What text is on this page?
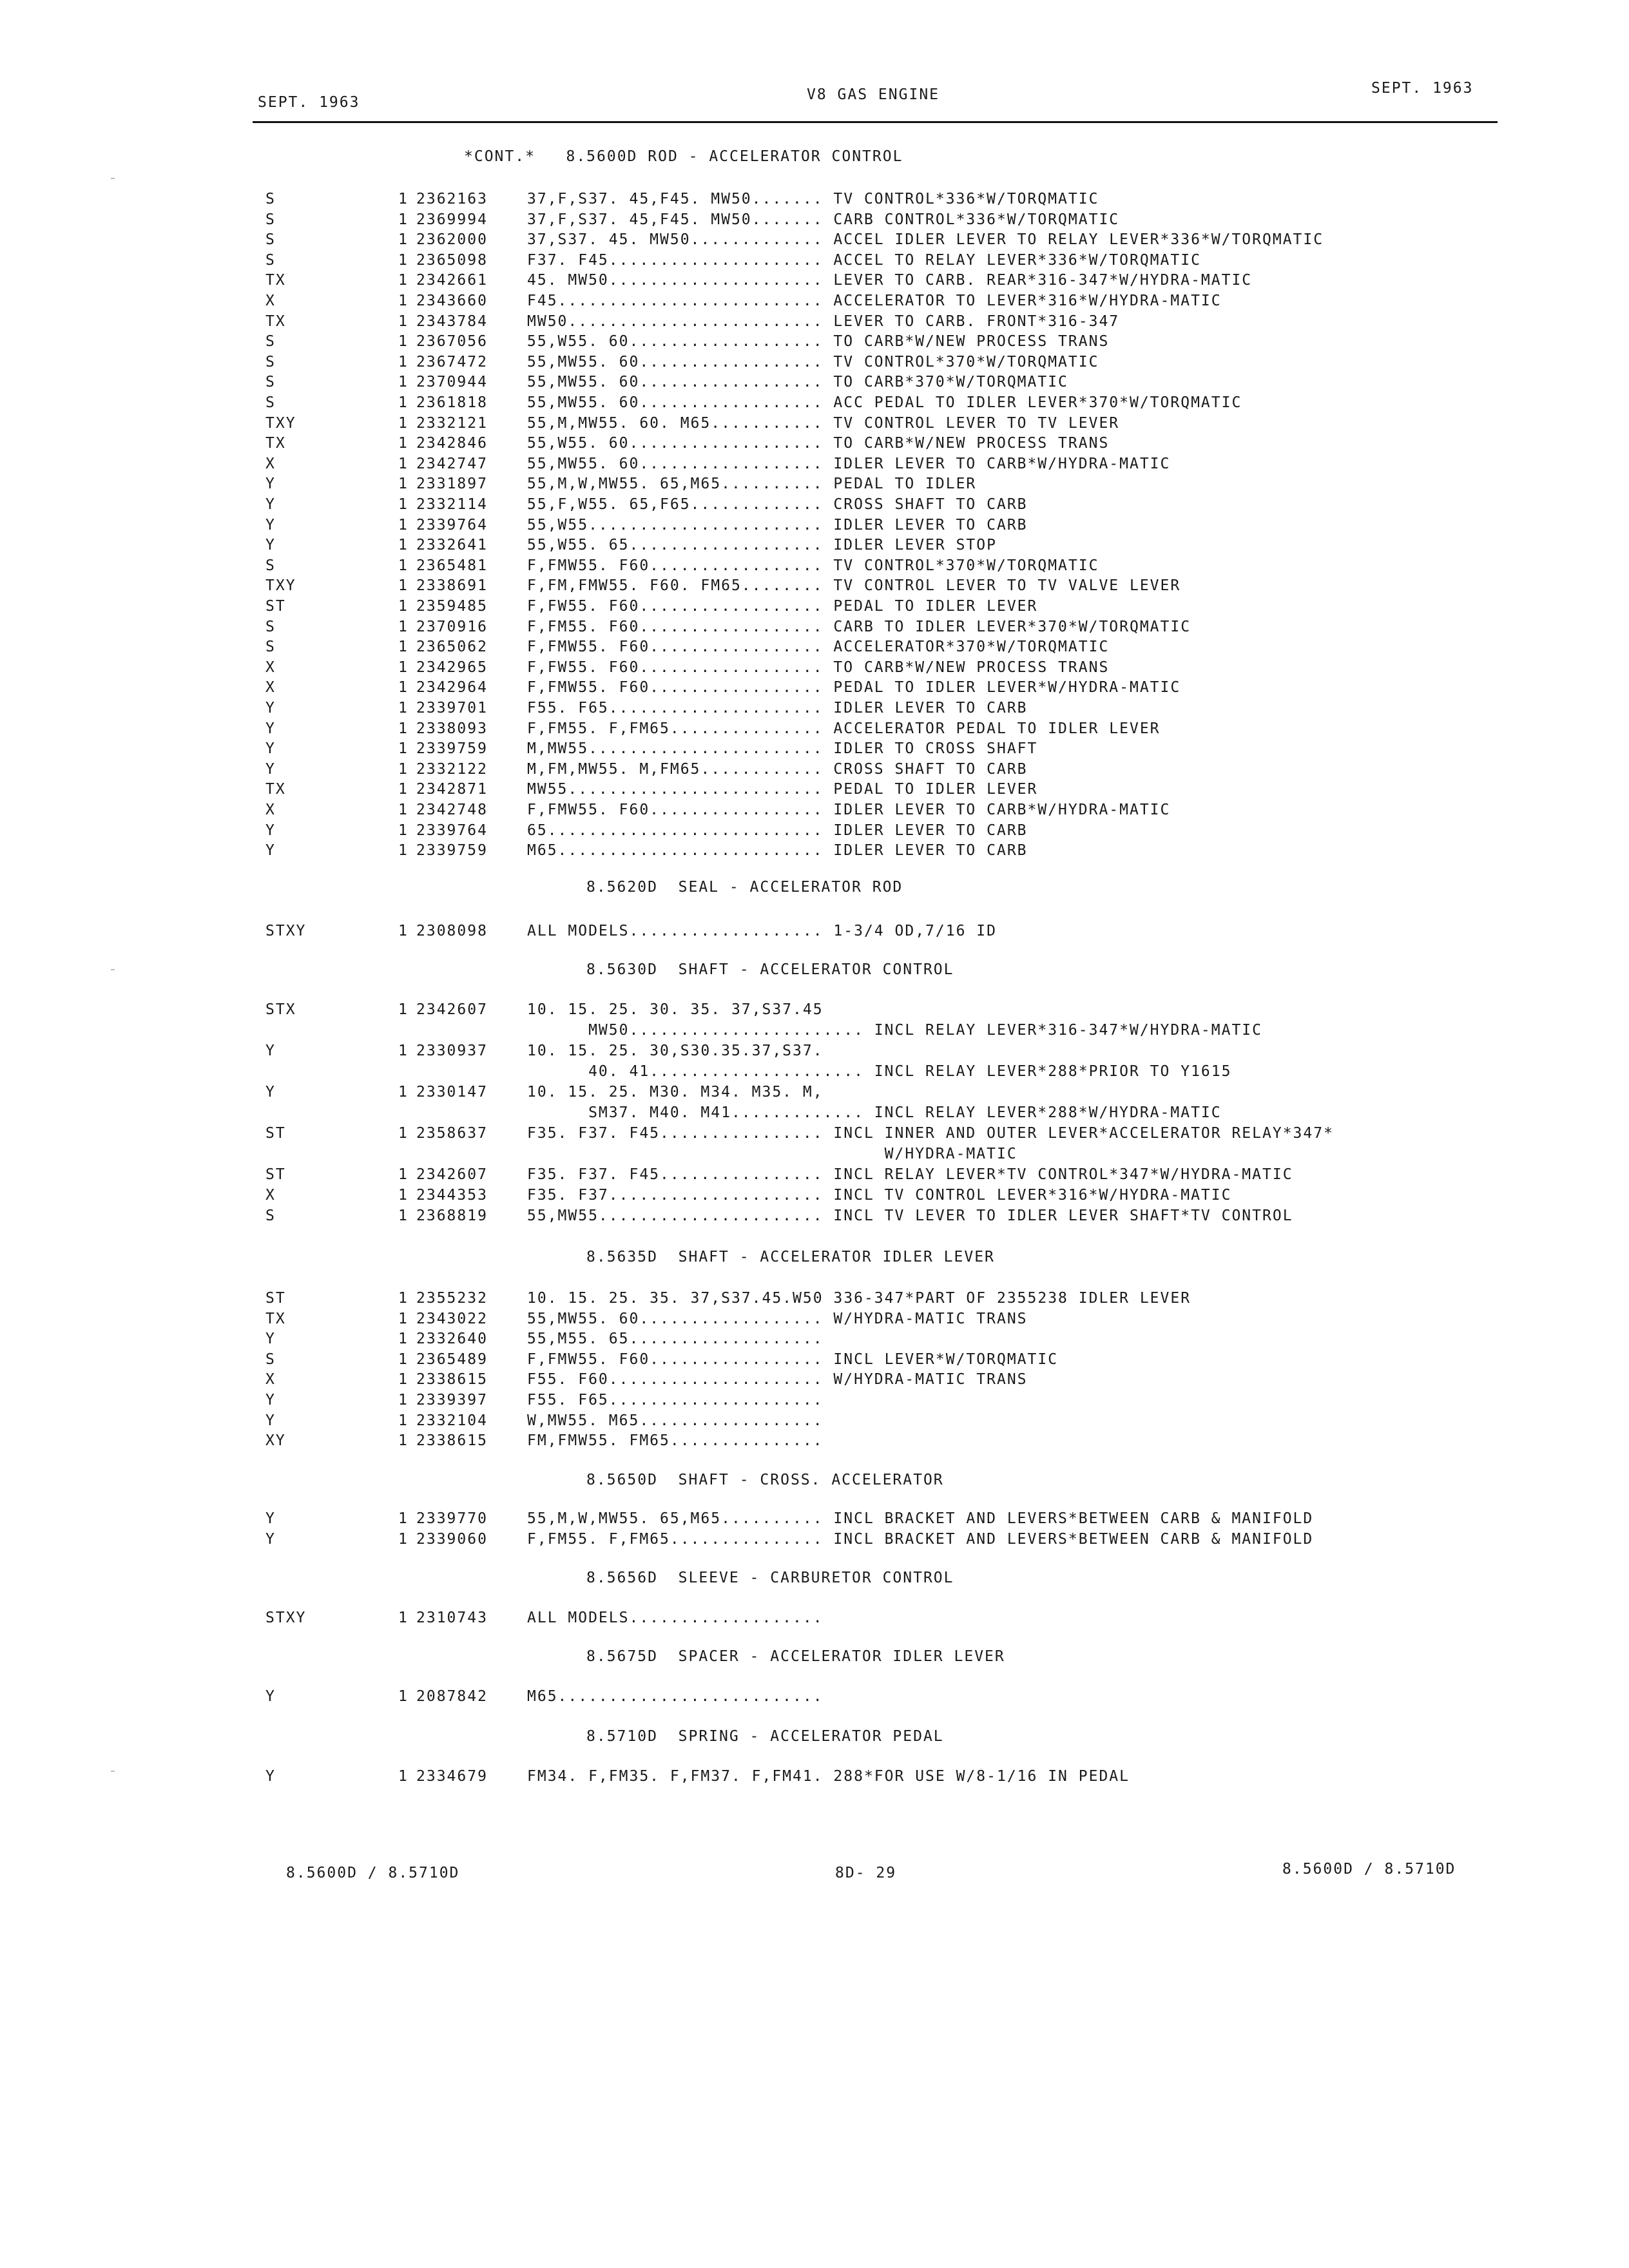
SEPT. 1963	V8 GAS ENGINE	SEPT. 1963
*CONT.*   8.5600D ROD - ACCELERATOR CONTROL
S	1 2362163	37,F,S37. 45,F45. MW50....... TV CONTROL*336*W/TORQMATIC
S	1 2369994	37,F,S37. 45,F45. MW50....... CARB CONTROL*336*W/TORQMATIC
S	1 2362000	37,S37. 45. MW50............. ACCEL IDLER LEVER TO RELAY LEVER*336*W/TORQMATIC
S	1 2365098	F37. F45..................... ACCEL TO RELAY LEVER*336*W/TORQMATIC
TX	1 2342661	45. MW50..................... LEVER TO CARB. REAR*316-347*W/HYDRA-MATIC
X	1 2343660	F45.......................... ACCELERATOR TO LEVER*316*W/HYDRA-MATIC
TX	1 2343784	MW50......................... LEVER TO CARB. FRONT*316-347
S	1 2367056	55,W55. 60................... TO CARB*W/NEW PROCESS TRANS
S	1 2367472	55,MW55. 60.................. TV CONTROL*370*W/TORQMATIC
S	1 2370944	55,MW55. 60.................. TO CARB*370*W/TORQMATIC
S	1 2361818	55,MW55. 60.................. ACC PEDAL TO IDLER LEVER*370*W/TORQMATIC
TXY	1 2332121	55,M,MW55. 60. M65........... TV CONTROL LEVER TO TV LEVER
TX	1 2342846	55,W55. 60................... TO CARB*W/NEW PROCESS TRANS
X	1 2342747	55,MW55. 60.................. IDLER LEVER TO CARB*W/HYDRA-MATIC
Y	1 2331897	55,M,W,MW55. 65,M65.......... PEDAL TO IDLER
Y	1 2332114	55,F,W55. 65,F65............. CROSS SHAFT TO CARB
Y	1 2339764	55,W55....................... IDLER LEVER TO CARB
Y	1 2332641	55,W55. 65................... IDLER LEVER STOP
S	1 2365481	F,FMW55. F60................. TV CONTROL*370*W/TORQMATIC
TXY	1 2338691	F,FM,FMW55. F60. FM65........ TV CONTROL LEVER TO TV VALVE LEVER
ST	1 2359485	F,FW55. F60.................. PEDAL TO IDLER LEVER
S	1 2370916	F,FM55. F60.................. CARB TO IDLER LEVER*370*W/TORQMATIC
S	1 2365062	F,FMW55. F60................. ACCELERATOR*370*W/TORQMATIC
X	1 2342965	F,FW55. F60.................. TO CARB*W/NEW PROCESS TRANS
X	1 2342964	F,FMW55. F60................. PEDAL TO IDLER LEVER*W/HYDRA-MATIC
Y	1 2339701	F55. F65..................... IDLER LEVER TO CARB
Y	1 2338093	F,FM55. F,FM65............... ACCELERATOR PEDAL TO IDLER LEVER
Y	1 2339759	M,MW55....................... IDLER TO CROSS SHAFT
Y	1 2332122	M,FM,MW55. M,FM65............ CROSS SHAFT TO CARB
TX	1 2342871	MW55......................... PEDAL TO IDLER LEVER
X	1 2342748	F,FMW55. F60................. IDLER LEVER TO CARB*W/HYDRA-MATIC
Y	1 2339764	65........................... IDLER LEVER TO CARB
Y	1 2339759	M65.......................... IDLER LEVER TO CARB
8.5620D  SEAL - ACCELERATOR ROD
STXY	1 2308098	ALL MODELS................... 1-3/4 OD,7/16 ID
8.5630D  SHAFT - ACCELERATOR CONTROL
STX	1 2342607	10. 15. 25. 30. 35. 37,S37.45
MW50....................... INCL RELAY LEVER*316-347*W/HYDRA-MATIC
Y	1 2330937	10. 15. 25. 30,S30.35.37,S37.
40. 41..................... INCL RELAY LEVER*288*PRIOR TO Y1615
Y	1 2330147	10. 15. 25. M30. M34. M35. M,
SM37. M40. M41............. INCL RELAY LEVER*288*W/HYDRA-MATIC
ST	1 2358637	F35. F37. F45................ INCL INNER AND OUTER LEVER*ACCELERATOR RELAY*347*
W/HYDRA-MATIC
ST	1 2342607	F35. F37. F45................ INCL RELAY LEVER*TV CONTROL*347*W/HYDRA-MATIC
X	1 2344353	F35. F37..................... INCL TV CONTROL LEVER*316*W/HYDRA-MATIC
S	1 2368819	55,MW55...................... INCL TV LEVER TO IDLER LEVER SHAFT*TV CONTROL
8.5635D  SHAFT - ACCELERATOR IDLER LEVER
ST	1 2355232	10. 15. 25. 35. 37,S37.45.W50 336-347*PART OF 2355238 IDLER LEVER
TX	1 2343022	55,MW55. 60.................. W/HYDRA-MATIC TRANS
Y	1 2332640	55,M55. 65...................
S	1 2365489	F,FMW55. F60................. INCL LEVER*W/TORQMATIC
X	1 2338615	F55. F60..................... W/HYDRA-MATIC TRANS
Y	1 2339397	F55. F65.....................
Y	1 2332104	W,MW55. M65..................
XY	1 2338615	FM,FMW55. FM65...............
8.5650D  SHAFT - CROSS. ACCELERATOR
Y	1 2339770	55,M,W,MW55. 65,M65.......... INCL BRACKET AND LEVERS*BETWEEN CARB & MANIFOLD
Y	1 2339060	F,FM55. F,FM65............... INCL BRACKET AND LEVERS*BETWEEN CARB & MANIFOLD
8.5656D  SLEEVE - CARBURETOR CONTROL
STXY	1 2310743	ALL MODELS...................
8.5675D  SPACER - ACCELERATOR IDLER LEVER
Y	1 2087842	M65..........................
8.5710D  SPRING - ACCELERATOR PEDAL
Y	1 2334679	FM34. F,FM35. F,FM37. F,FM41. 288*FOR USE W/8-1/16 IN PEDAL
8.5600D / 8.5710D	8D- 29	8.5600D / 8.5710D
